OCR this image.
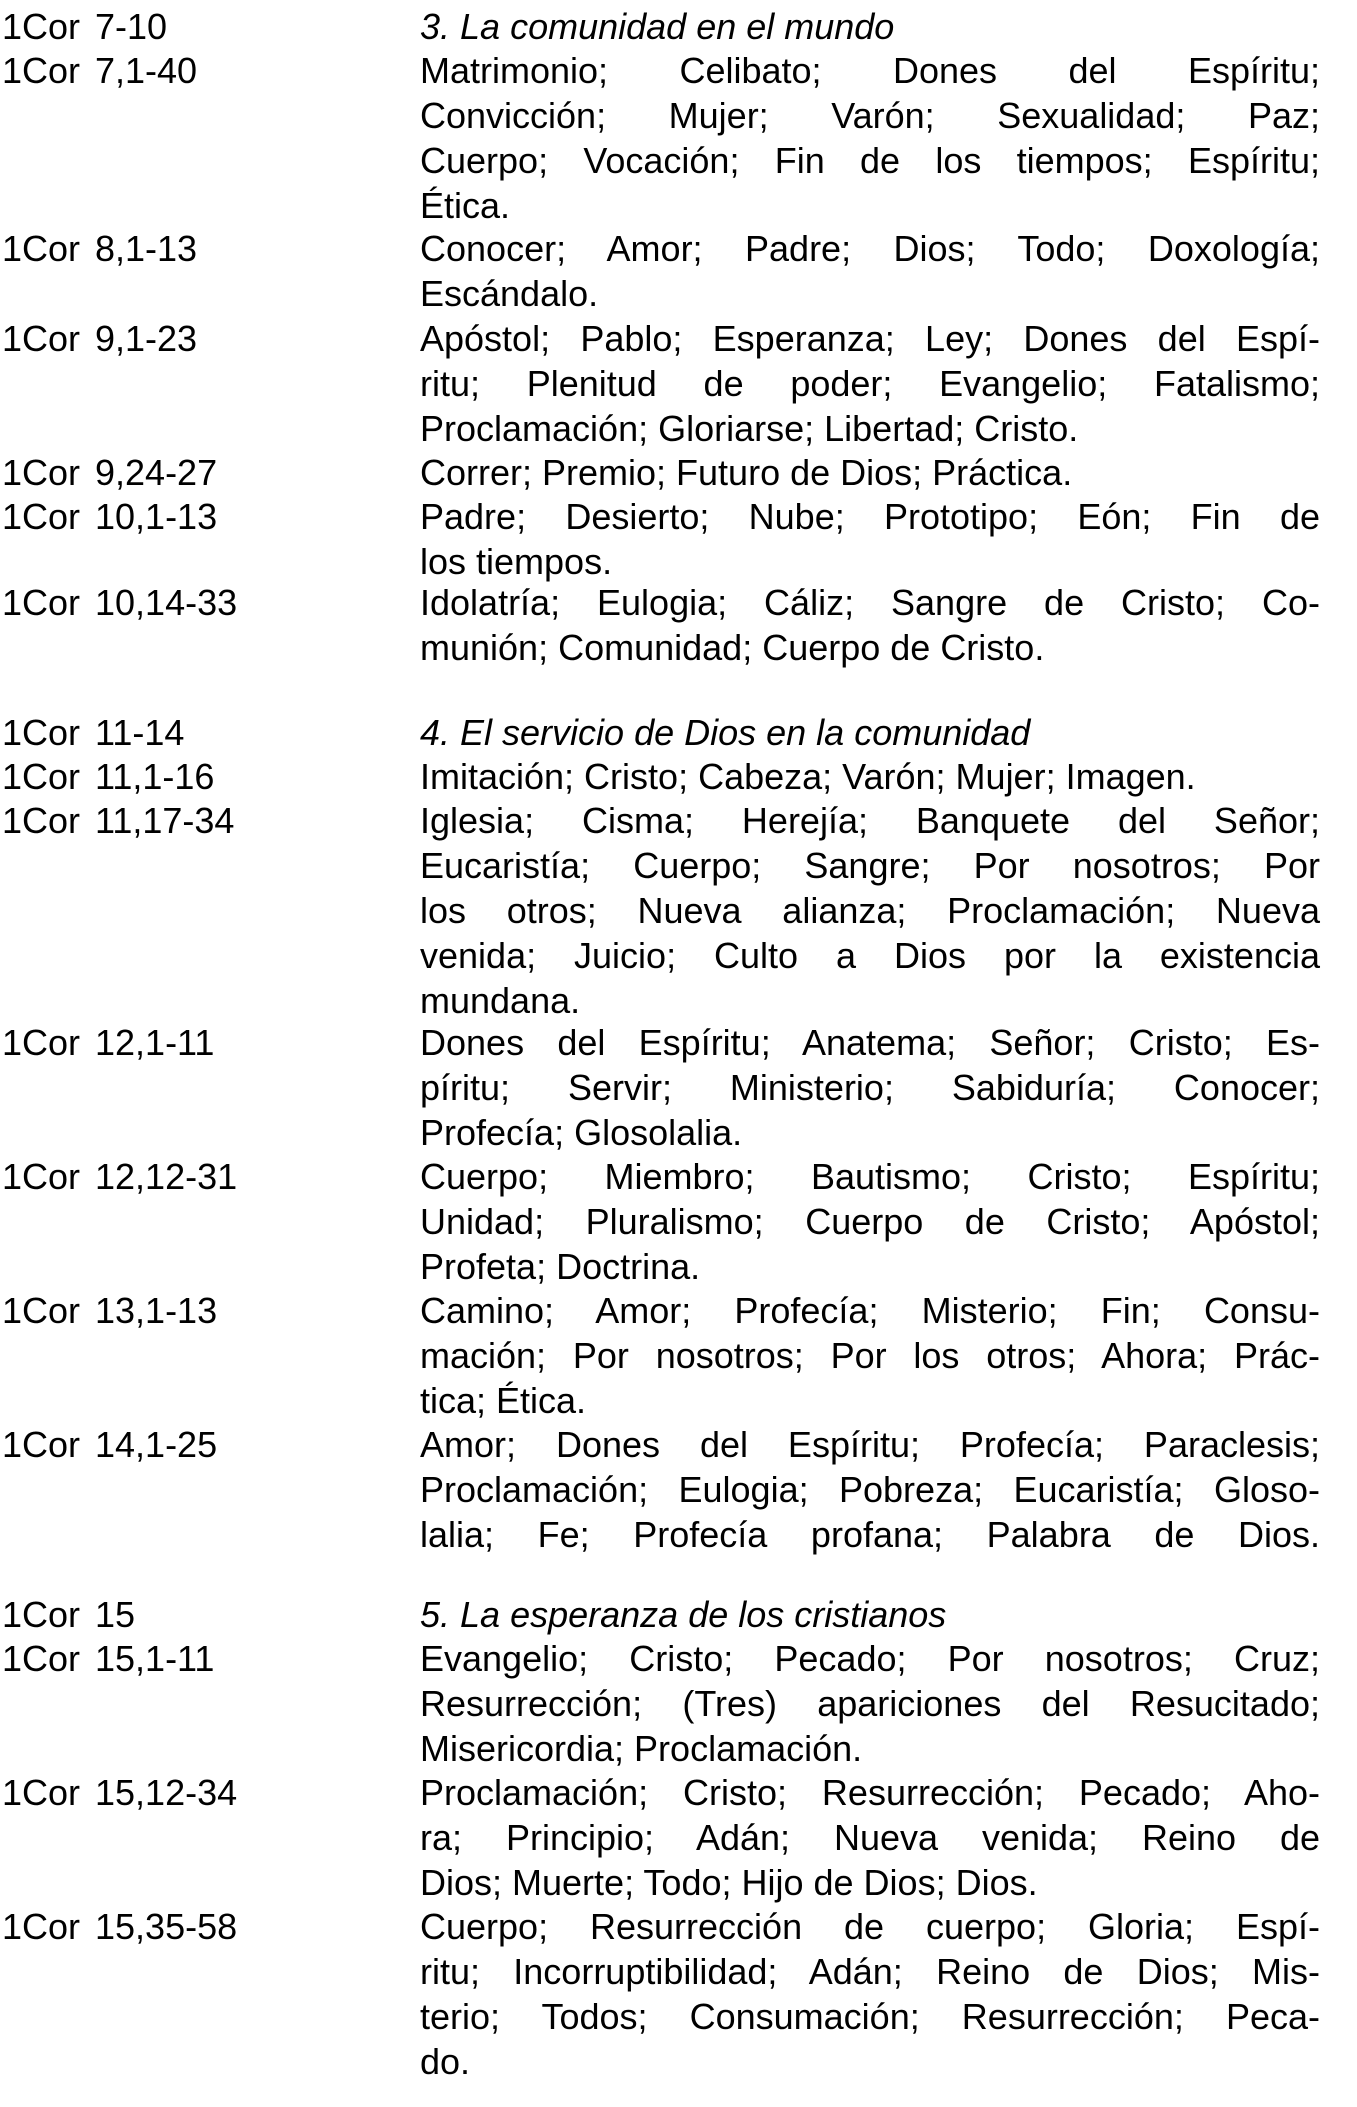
1Cor 7-10	3. La comunidad en el mundo
1Cor 7,1-40	Matrimonio; Celibato; Dones del Espíritu;
Convicción; Mujer; Varón; Sexualidad; Paz;
Cuerpo; Vocación; Fin de los tiempos; Espíritu;
Ética.
1Cor 8,1-13	Conocer; Amor; Padre; Dios; Todo; Doxología;
Escándalo.
1Cor 9,1-23	Apóstol; Pablo; Esperanza; Ley; Dones del Espí-
ritu; Plenitud de poder; Evangelio; Fatalismo;
Proclamación; Gloriarse; Libertad; Cristo.
1Cor 9,24-27	Correr; Premio; Futuro de Dios; Práctica.
1Cor 10,1-13	Padre; Desierto; Nube; Prototipo; Eón; Fin de
los tiempos.
1Cor 10,14-33	Idolatría; Eulogia; Cáliz; Sangre de Cristo; Co-
munión; Comunidad; Cuerpo de Cristo.
1Cor 11-14	4. El servicio de Dios en la comunidad
1Cor 11,1-16	Imitación; Cristo; Cabeza; Varón; Mujer; Imagen.
1Cor 11,17-34	Iglesia; Cisma; Herejía; Banquete del Señor;
Eucaristía; Cuerpo; Sangre; Por nosotros; Por
los otros; Nueva alianza; Proclamación; Nueva
venida; Juicio; Culto a Dios por la existencia
mundana.
1Cor 12,1-11	Dones del Espíritu; Anatema; Señor; Cristo; Es-
píritu; Servir; Ministerio; Sabiduría; Conocer;
Profecía; Glosolalia.
1Cor 12,12-31	Cuerpo; Miembro; Bautismo; Cristo; Espíritu;
Unidad; Pluralismo; Cuerpo de Cristo; Apóstol;
Profeta; Doctrina.
1Cor 13,1-13	Camino; Amor; Profecía; Misterio; Fin; Consu-
mación; Por nosotros; Por los otros; Ahora; Prác-
tica; Ética.
1Cor 14,1-25	Amor; Dones del Espíritu; Profecía; Paraclesis;
Proclamación; Eulogia; Pobreza; Eucaristía; Gloso-
lalia; Fe; Profecía profana; Palabra de Dios.
1Cor 15	5. La esperanza de los cristianos
1Cor 15,1-11	Evangelio; Cristo; Pecado; Por nosotros; Cruz;
Resurrección; (Tres) apariciones del Resucitado;
Misericordia; Proclamación.
1Cor 15,12-34	Proclamación; Cristo; Resurrección; Pecado; Aho-
ra; Principio; Adán; Nueva venida; Reino de
Dios; Muerte; Todo; Hijo de Dios; Dios.
1Cor 15,35-58	Cuerpo; Resurrección de cuerpo; Gloria; Espí-
ritu; Incorruptibilidad; Adán; Reino de Dios; Mis-
terio; Todos; Consumación; Resurrección; Peca-
do.
